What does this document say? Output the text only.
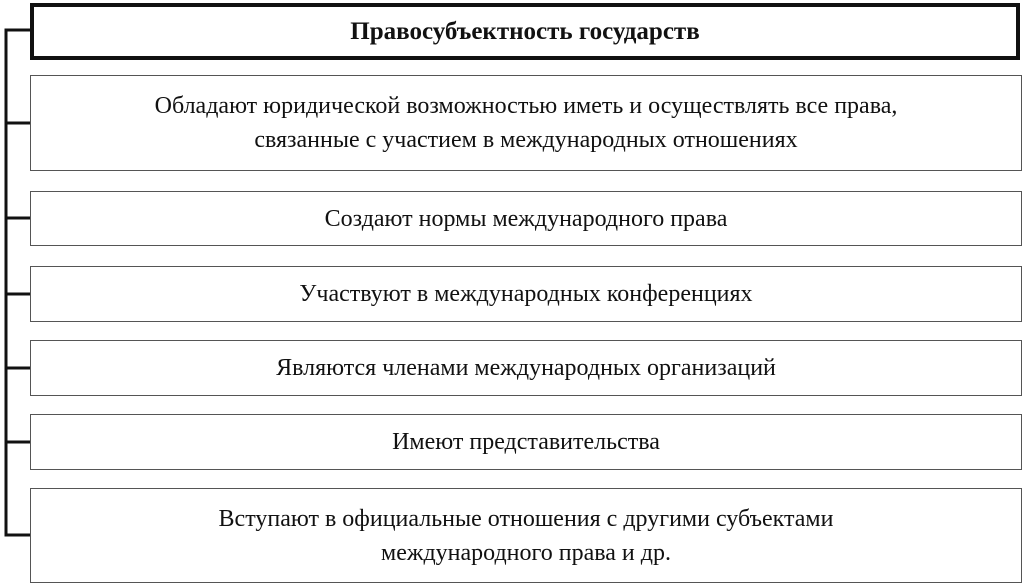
Правосубъектность государств
Обладают юридической возможностью иметь и осуществлять все права,
связанные с участием в международных отношениях
Создают нормы международного права
Участвуют в международных конференциях
Являются членами международных организаций
Имеют представительства
Вступают в официальные отношения с другими субъектами
международного права и др.
